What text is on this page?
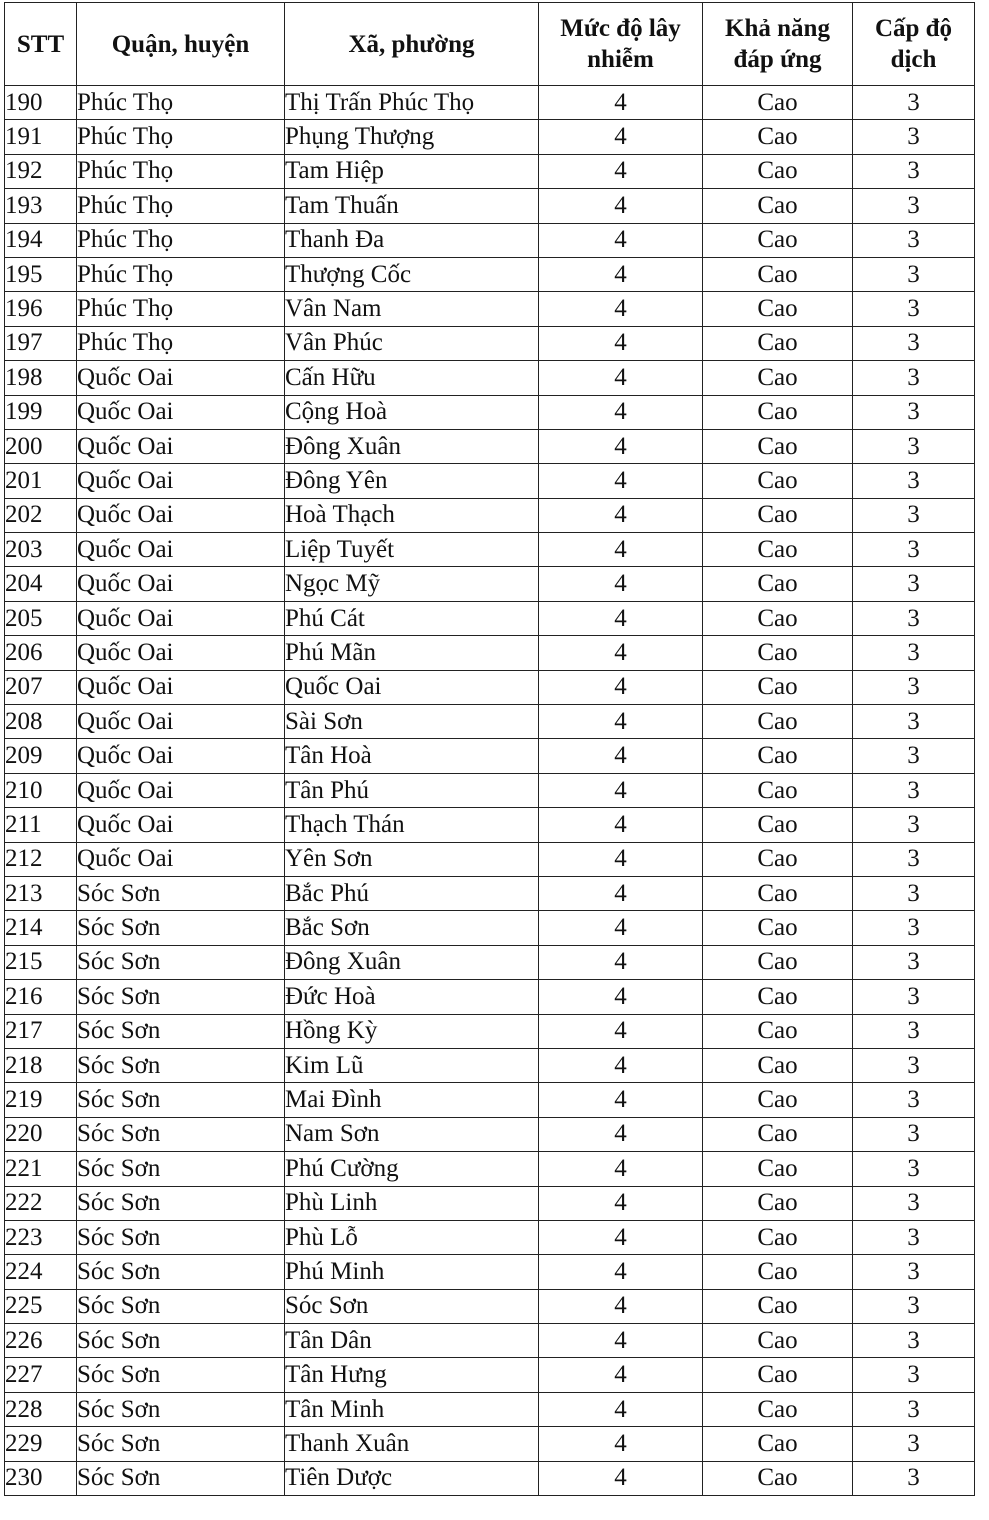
STT	Quận, huyện	Xã, phường	Mức độ lây nhiễm	Khả năng đáp ứng	Cấp độ dịch
190	Phúc Thọ	Thị Trấn Phúc Thọ	4	Cao	3
191	Phúc Thọ	Phụng Thượng	4	Cao	3
192	Phúc Thọ	Tam Hiệp	4	Cao	3
193	Phúc Thọ	Tam Thuấn	4	Cao	3
194	Phúc Thọ	Thanh Đa	4	Cao	3
195	Phúc Thọ	Thượng Cốc	4	Cao	3
196	Phúc Thọ	Vân Nam	4	Cao	3
197	Phúc Thọ	Vân Phúc	4	Cao	3
198	Quốc Oai	Cấn Hữu	4	Cao	3
199	Quốc Oai	Cộng Hoà	4	Cao	3
200	Quốc Oai	Đông Xuân	4	Cao	3
201	Quốc Oai	Đông Yên	4	Cao	3
202	Quốc Oai	Hoà Thạch	4	Cao	3
203	Quốc Oai	Liệp Tuyết	4	Cao	3
204	Quốc Oai	Ngọc Mỹ	4	Cao	3
205	Quốc Oai	Phú Cát	4	Cao	3
206	Quốc Oai	Phú Mãn	4	Cao	3
207	Quốc Oai	Quốc Oai	4	Cao	3
208	Quốc Oai	Sài Sơn	4	Cao	3
209	Quốc Oai	Tân Hoà	4	Cao	3
210	Quốc Oai	Tân Phú	4	Cao	3
211	Quốc Oai	Thạch Thán	4	Cao	3
212	Quốc Oai	Yên Sơn	4	Cao	3
213	Sóc Sơn	Bắc Phú	4	Cao	3
214	Sóc Sơn	Bắc Sơn	4	Cao	3
215	Sóc Sơn	Đông Xuân	4	Cao	3
216	Sóc Sơn	Đức Hoà	4	Cao	3
217	Sóc Sơn	Hồng Kỳ	4	Cao	3
218	Sóc Sơn	Kim Lũ	4	Cao	3
219	Sóc Sơn	Mai Đình	4	Cao	3
220	Sóc Sơn	Nam Sơn	4	Cao	3
221	Sóc Sơn	Phú Cường	4	Cao	3
222	Sóc Sơn	Phù Linh	4	Cao	3
223	Sóc Sơn	Phù Lỗ	4	Cao	3
224	Sóc Sơn	Phú Minh	4	Cao	3
225	Sóc Sơn	Sóc Sơn	4	Cao	3
226	Sóc Sơn	Tân Dân	4	Cao	3
227	Sóc Sơn	Tân Hưng	4	Cao	3
228	Sóc Sơn	Tân Minh	4	Cao	3
229	Sóc Sơn	Thanh Xuân	4	Cao	3
230	Sóc Sơn	Tiên Dược	4	Cao	3
